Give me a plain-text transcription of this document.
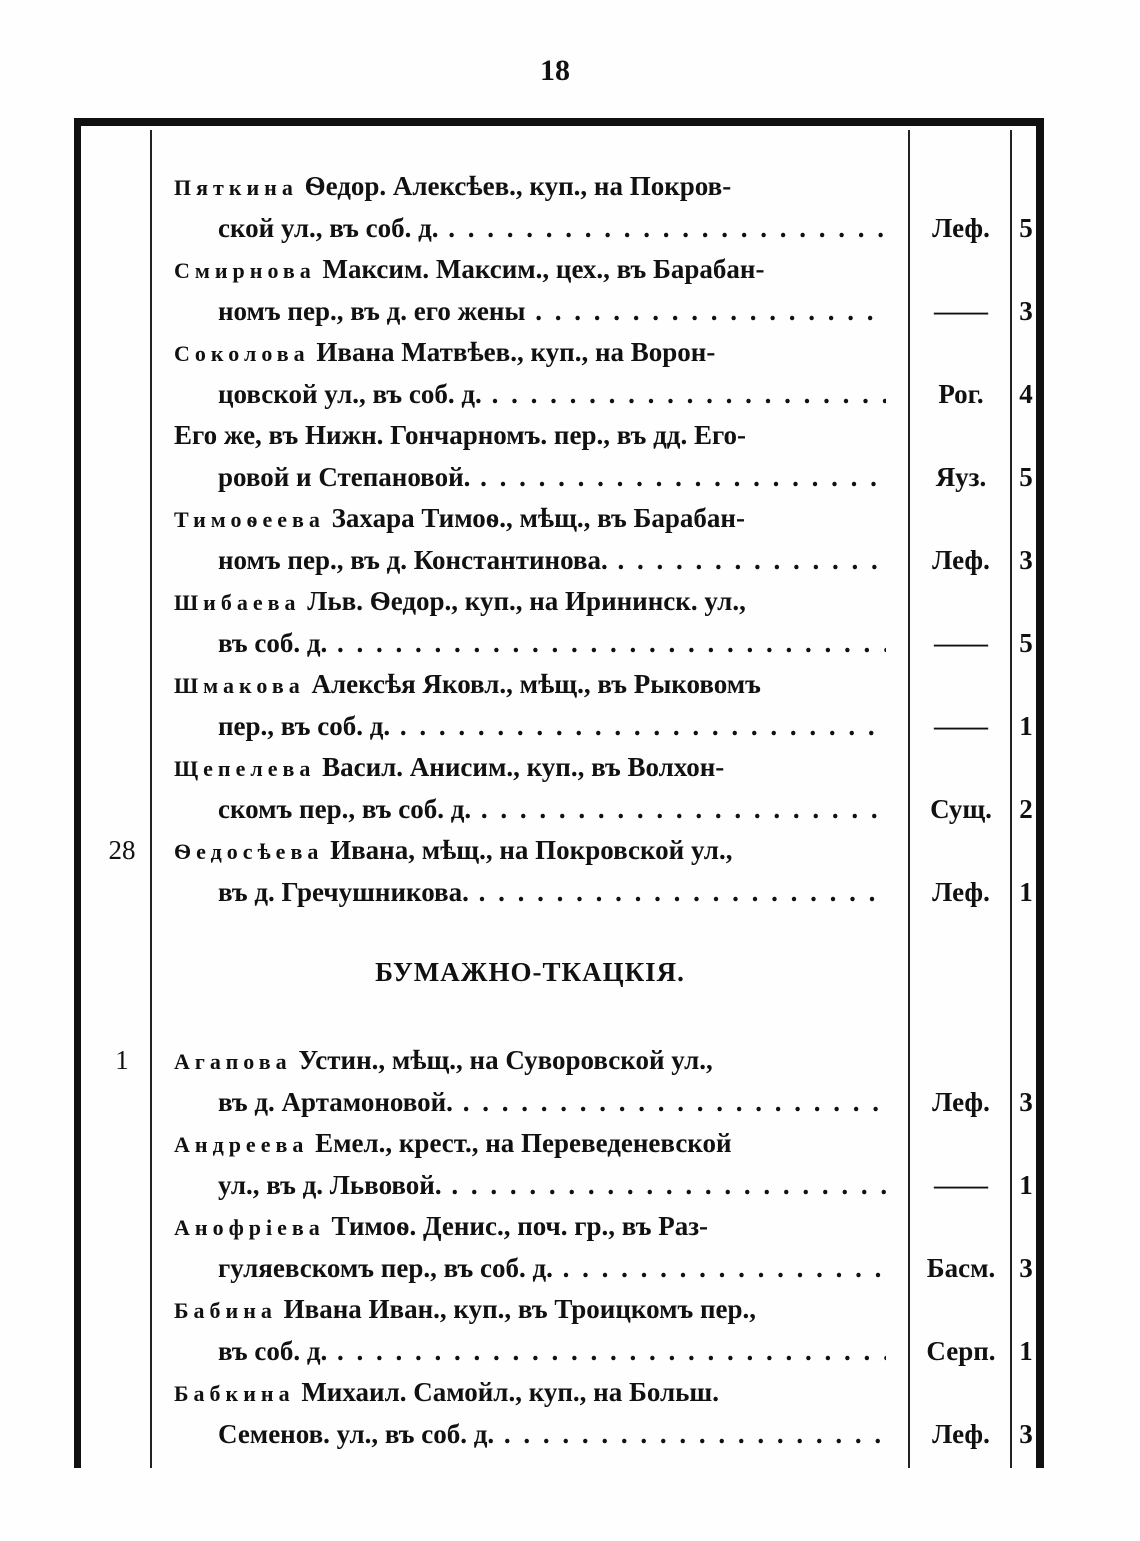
18
БУМАЖНО-ТКАЦКІЯ.
Пяткина Ѳедор. Алексѣев., куп., на Покров-
ской ул., въ соб. д. . . .	Леф.	5
Смирнова Максим. Максим., цех., въ Барабан-
номъ пер., въ д. его жены . . .	——	3
Соколова Ивана Матвѣев., куп., на Ворон-
цовской ул., въ соб. д. . . .	Рог.	4
Его же, въ Нижн. Гончарномъ. пер., въ дд. Его-
ровой и Степановой. . . .	Яуз.	5
Тимоѳеева Захара Тимоѳ., мѣщ., въ Барабан-
номъ пер., въ д. Константинова. . . .	Леф.	3
Шибаева Льв. Ѳедор., куп., на Ирининск. ул.,
въ соб. д. . . .	——	5
Шмакова Алексѣя Яковл., мѣщ., въ Рыковомъ
пер., въ соб. д. . . .	——	1
Щепелева Васил. Анисим., куп., въ Волхон-
скомъ пер., въ соб. д. . . .	Сущ.	2
28	Ѳедосѣева Ивана, мѣщ., на Покровской ул.,
въ д. Гречушникова. . . .	Леф.	1
1	Агапова Устин., мѣщ., на Суворовской ул.,
въ д. Артамоновой. . . .	Леф.	3
Андреева Емел., крест., на Переведеневской
ул., въ д. Львовой. . . .	——	1
Анофріева Тимоѳ. Денис., поч. гр., въ Раз-
гуляевскомъ пер., въ соб. д. . . .	Басм. 3
Бабина Ивана Иван., куп., въ Троицкомъ пер.,
въ соб. д. . . .	Серп. 1
Бабкина Михаил. Самойл., куп., на Больш.
Семенов. ул., въ соб. д. . . .	Леф.	3
